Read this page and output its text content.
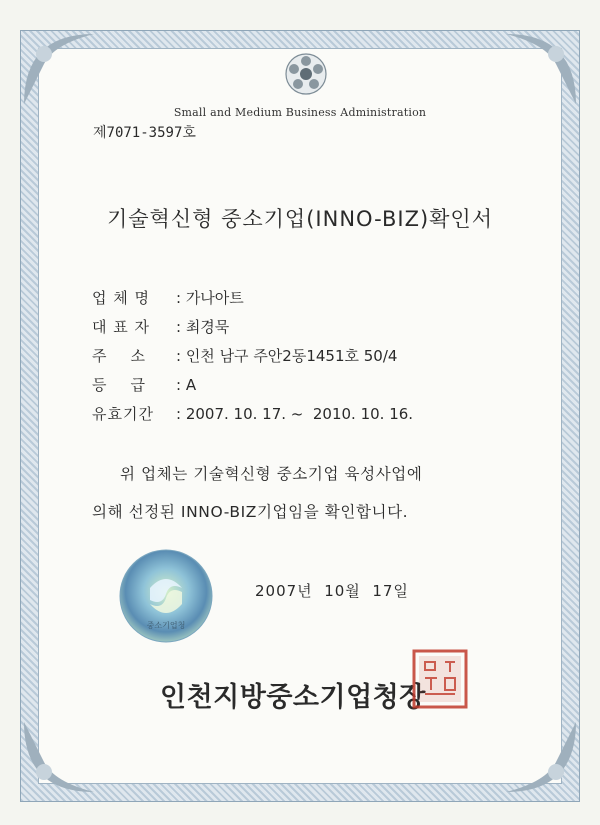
Small and Medium Business Administration
제7071-3597호
기술혁신형 중소기업(INNO-BIZ)확인서
업 체 명 : 가나아트
대 표 자 : 최경묵
주    소 : 인천 남구 주안2동1451호 50/4
등    급 : A
유효기간 : 2007. 10. 17. ~  2010. 10. 16.
위 업체는 기술혁신형 중소기업 육성사업에
의해 선정된 INNO-BIZ기업임을 확인합니다.
중소기업청
2007년  10월  17일
인천지방중소기업청장
